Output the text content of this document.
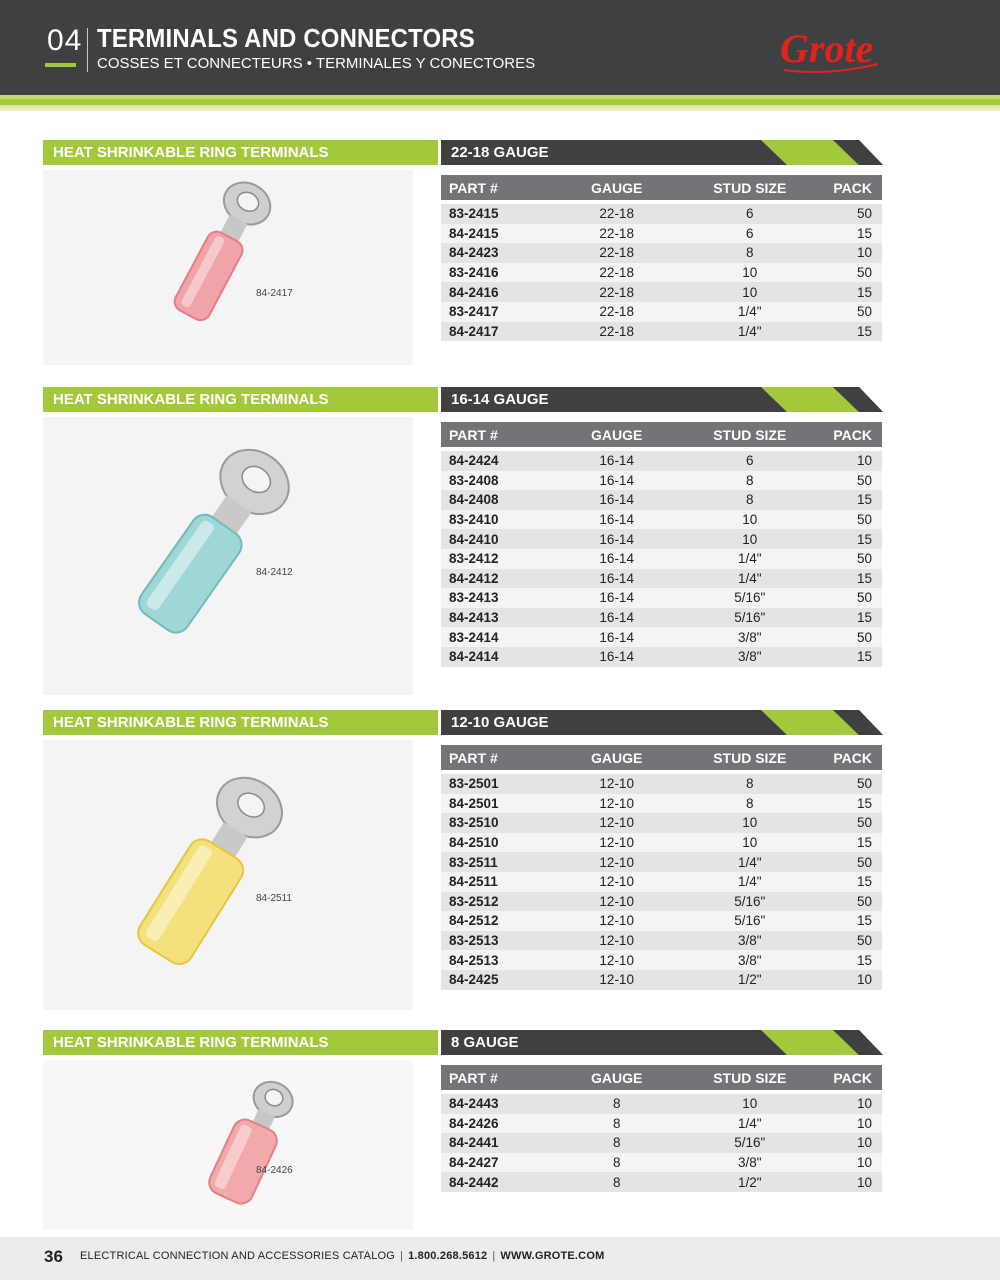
04 TERMINALS AND CONNECTORS
COSSES ET CONNECTEURS • TERMINALES Y CONECTORES	Grote
HEAT SHRINKABLE RING TERMINALS	22-18 GAUGE
84-2417
PART #	GAUGE	STUD SIZE	PACK

83-2415	22-18	6	50
84-2415	22-18	6	15
84-2423	22-18	8	10
83-2416	22-18	10	50
84-2416	22-18	10	15
83-2417	22-18	1/4"	50
84-2417	22-18	1/4"	15
HEAT SHRINKABLE RING TERMINALS	16-14 GAUGE
84-2412
PART #	GAUGE	STUD SIZE	PACK

84-2424	16-14	6	10
83-2408	16-14	8	50
84-2408	16-14	8	15
83-2410	16-14	10	50
84-2410	16-14	10	15
83-2412	16-14	1/4"	50
84-2412	16-14	1/4"	15
83-2413	16-14	5/16"	50
84-2413	16-14	5/16"	15
83-2414	16-14	3/8"	50
84-2414	16-14	3/8"	15
HEAT SHRINKABLE RING TERMINALS	12-10 GAUGE
84-2511
PART #	GAUGE	STUD SIZE	PACK

83-2501	12-10	8	50
84-2501	12-10	8	15
83-2510	12-10	10	50
84-2510	12-10	10	15
83-2511	12-10	1/4"	50
84-2511	12-10	1/4"	15
83-2512	12-10	5/16"	50
84-2512	12-10	5/16"	15
83-2513	12-10	3/8"	50
84-2513	12-10	3/8"	15
84-2425	12-10	1/2"	10
HEAT SHRINKABLE RING TERMINALS	8 GAUGE
84-2426
PART #	GAUGE	STUD SIZE	PACK

84-2443	8	10	10
84-2426	8	1/4"	10
84-2441	8	5/16"	10
84-2427	8	3/8"	10
84-2442	8	1/2"	10
36 ELECTRICAL CONNECTION AND ACCESSORIES CATALOG | 1.800.268.5612 | WWW.GROTE.COM
